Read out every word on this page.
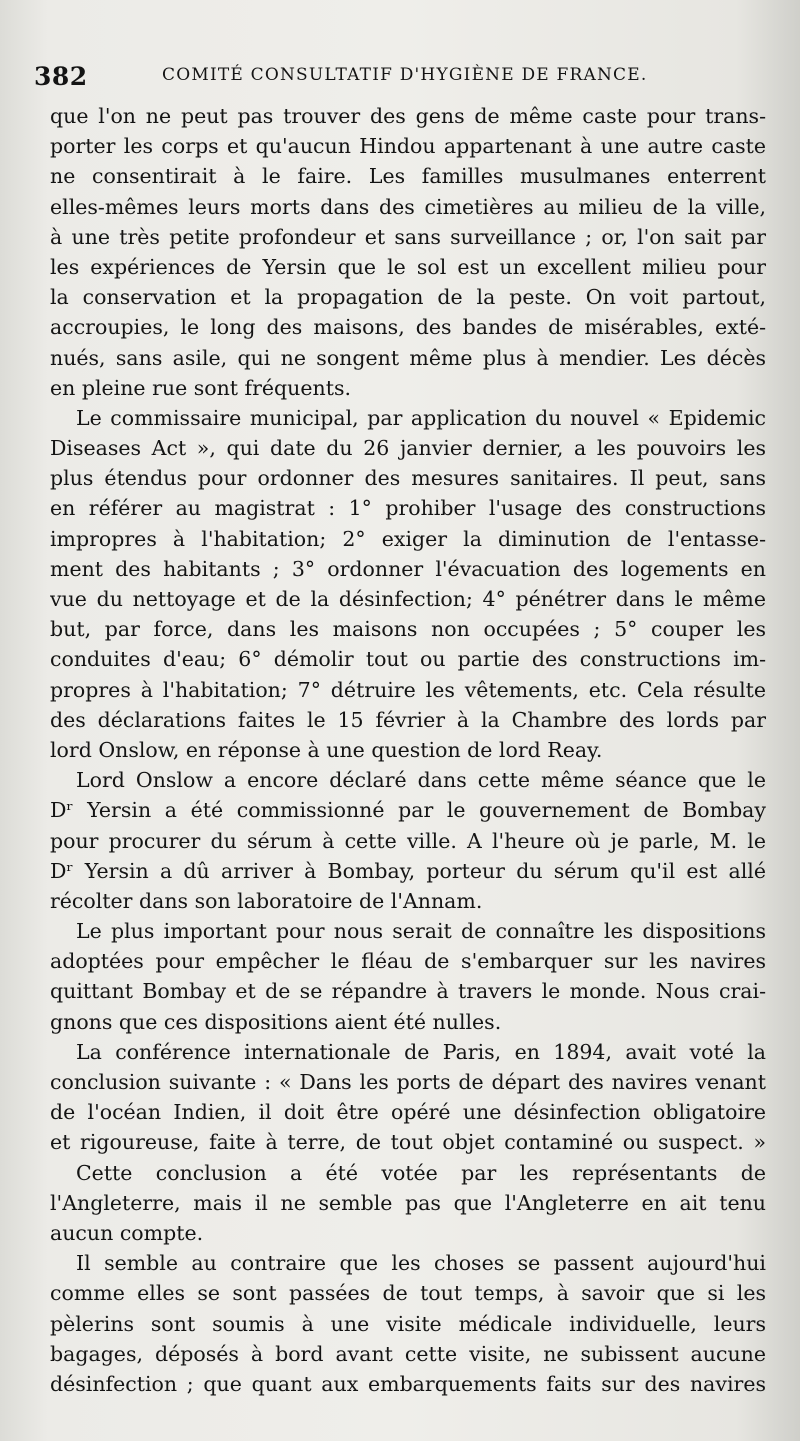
382	COMITÉ CONSULTATIF D'HYGIÈNE DE FRANCE.
que l'on ne peut pas trouver des gens de même caste pour trans-
porter les corps et qu'aucun Hindou appartenant à une autre caste
ne consentirait à le faire. Les familles musulmanes enterrent
elles-mêmes leurs morts dans des cimetières au milieu de la ville,
à une très petite profondeur et sans surveillance ; or, l'on sait par
les expériences de Yersin que le sol est un excellent milieu pour
la conservation et la propagation de la peste. On voit partout,
accroupies, le long des maisons, des bandes de misérables, exté-
nués, sans asile, qui ne songent même plus à mendier. Les décès
en pleine rue sont fréquents.
Le commissaire municipal, par application du nouvel « Epidemic
Diseases Act », qui date du 26 janvier dernier, a les pouvoirs les
plus étendus pour ordonner des mesures sanitaires. Il peut, sans
en référer au magistrat : 1° prohiber l'usage des constructions
impropres à l'habitation; 2° exiger la diminution de l'entasse-
ment des habitants ; 3° ordonner l'évacuation des logements en
vue du nettoyage et de la désinfection; 4° pénétrer dans le même
but, par force, dans les maisons non occupées ; 5° couper les
conduites d'eau; 6° démolir tout ou partie des constructions im-
propres à l'habitation; 7° détruire les vêtements, etc. Cela résulte
des déclarations faites le 15 février à la Chambre des lords par
lord Onslow, en réponse à une question de lord Reay.
Lord Onslow a encore déclaré dans cette même séance que le
Dʳ Yersin a été commissionné par le gouvernement de Bombay
pour procurer du sérum à cette ville. A l'heure où je parle, M. le
Dʳ Yersin a dû arriver à Bombay, porteur du sérum qu'il est allé
récolter dans son laboratoire de l'Annam.
Le plus important pour nous serait de connaître les dispositions
adoptées pour empêcher le fléau de s'embarquer sur les navires
quittant Bombay et de se répandre à travers le monde. Nous crai-
gnons que ces dispositions aient été nulles.
La conférence internationale de Paris, en 1894, avait voté la
conclusion suivante : « Dans les ports de départ des navires venant
de l'océan Indien, il doit être opéré une désinfection obligatoire
et rigoureuse, faite à terre, de tout objet contaminé ou suspect. »
Cette conclusion a été votée par les représentants de
l'Angleterre, mais il ne semble pas que l'Angleterre en ait tenu
aucun compte.
Il semble au contraire que les choses se passent aujourd'hui
comme elles se sont passées de tout temps, à savoir que si les
pèlerins sont soumis à une visite médicale individuelle, leurs
bagages, déposés à bord avant cette visite, ne subissent aucune
désinfection ; que quant aux embarquements faits sur des navires
